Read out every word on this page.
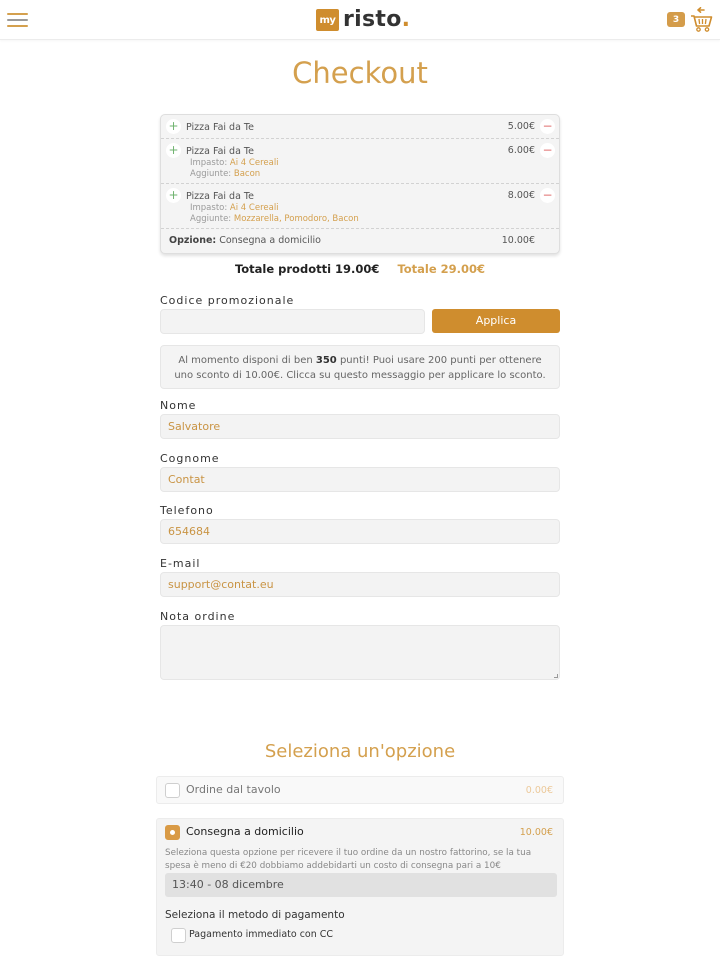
my risto .	3
Checkout
+ Pizza Fai da Te	5.00€ −
+ Pizza Fai da Te
Impasto: Ai 4 Cereali
Aggiunte: Bacon
6.00€ −
+ Pizza Fai da Te
Impasto: Ai 4 Cereali
Aggiunte: Mozzarella, Pomodoro, Bacon
8.00€ −
Opzione: Consegna a domicilio	10.00€
Totale prodotti 19.00€ Totale 29.00€
Codice promozionale
Applica
Al momento disponi di ben 350 punti! Puoi usare 200 punti per ottenere uno sconto di 10.00€. Clicca su questo messaggio per applicare lo sconto.
Nome
Salvatore
Cognome
Contat
Telefono
654684
E-mail
support@contat.eu
Nota ordine
Seleziona un'opzione
Ordine dal tavolo	0.00€
Consegna a domicilio	10.00€
Seleziona questa opzione per ricevere il tuo ordine da un nostro fattorino, se la tua spesa è meno di €20 dobbiamo addebidarti un costo di consegna pari a 10€
13:40 - 08 dicembre
Seleziona il metodo di pagamento
Pagamento immediato con CC
